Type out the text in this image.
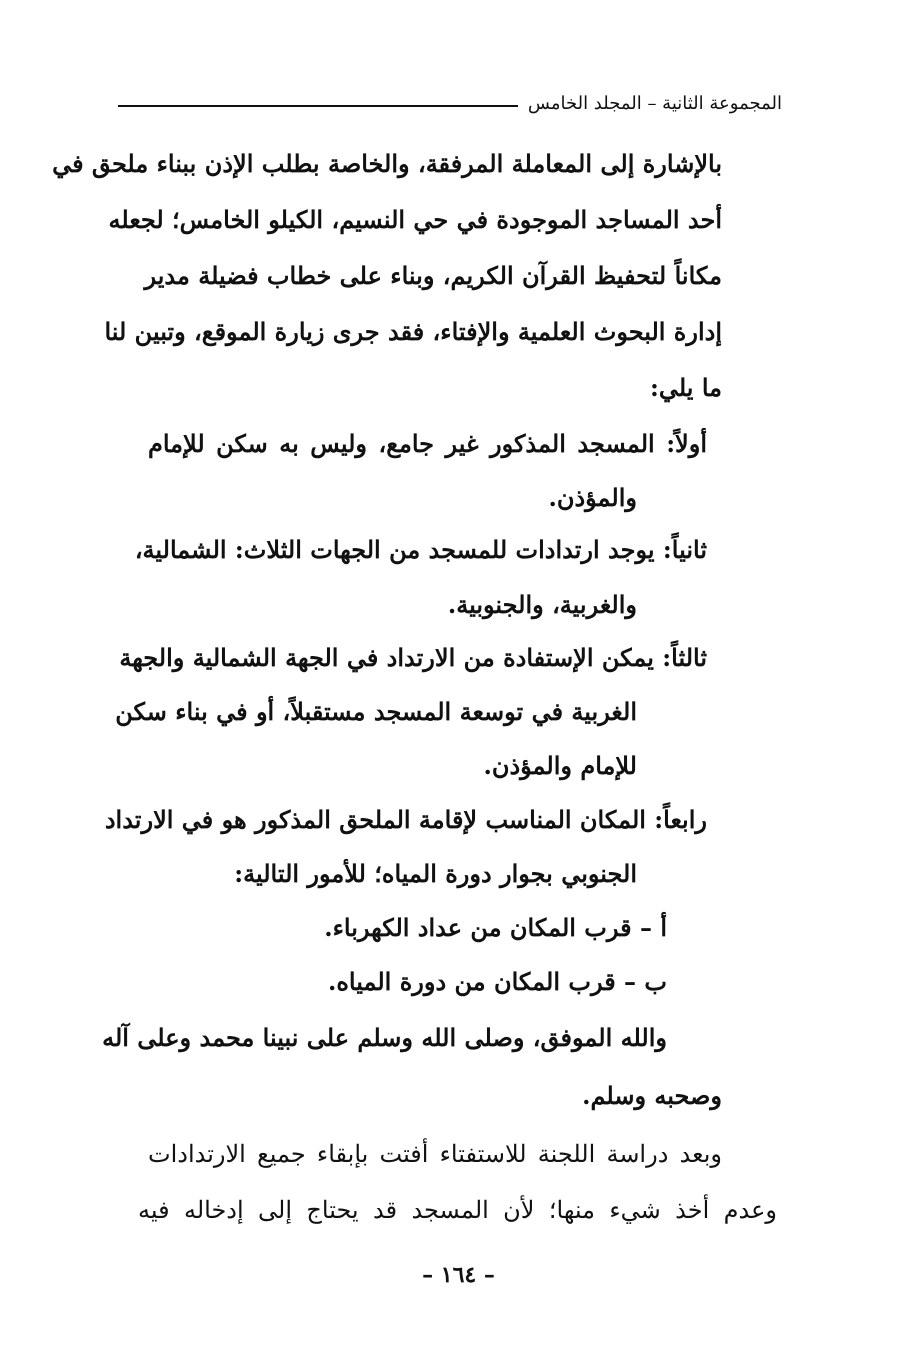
المجموعة الثانية – المجلد الخامس
بالإشارة إلى المعاملة المرفقة، والخاصة بطلب الإذن ببناء ملحق في
أحد المساجد الموجودة في حي النسيم، الكيلو الخامس؛ لجعله
مكاناً لتحفيظ القرآن الكريم، وبناء على خطاب فضيلة مدير
إدارة البحوث العلمية والإفتاء، فقد جرى زيارة الموقع، وتبين لنا
ما يلي:
أولاً: المسجد المذكور غير جامع، وليس به سكن للإمام
والمؤذن.
ثانياً: يوجد ارتدادات للمسجد من الجهات الثلاث: الشمالية،
والغربية، والجنوبية.
ثالثاً: يمكن الإستفادة من الارتداد في الجهة الشمالية والجهة
الغربية في توسعة المسجد مستقبلاً، أو في بناء سكن
للإمام والمؤذن.
رابعاً: المكان المناسب لإقامة الملحق المذكور هو في الارتداد
الجنوبي بجوار دورة المياه؛ للأمور التالية:
أ – قرب المكان من عداد الكهرباء.
ب – قرب المكان من دورة المياه.
والله الموفق، وصلى الله وسلم على نبينا محمد وعلى آله
وصحبه وسلم.
وبعد دراسة اللجنة للاستفتاء أفتت بإبقاء جميع الارتدادات
وعدم أخذ شيء منها؛ لأن المسجد قد يحتاج إلى إدخاله فيه
– ١٦٤ –
